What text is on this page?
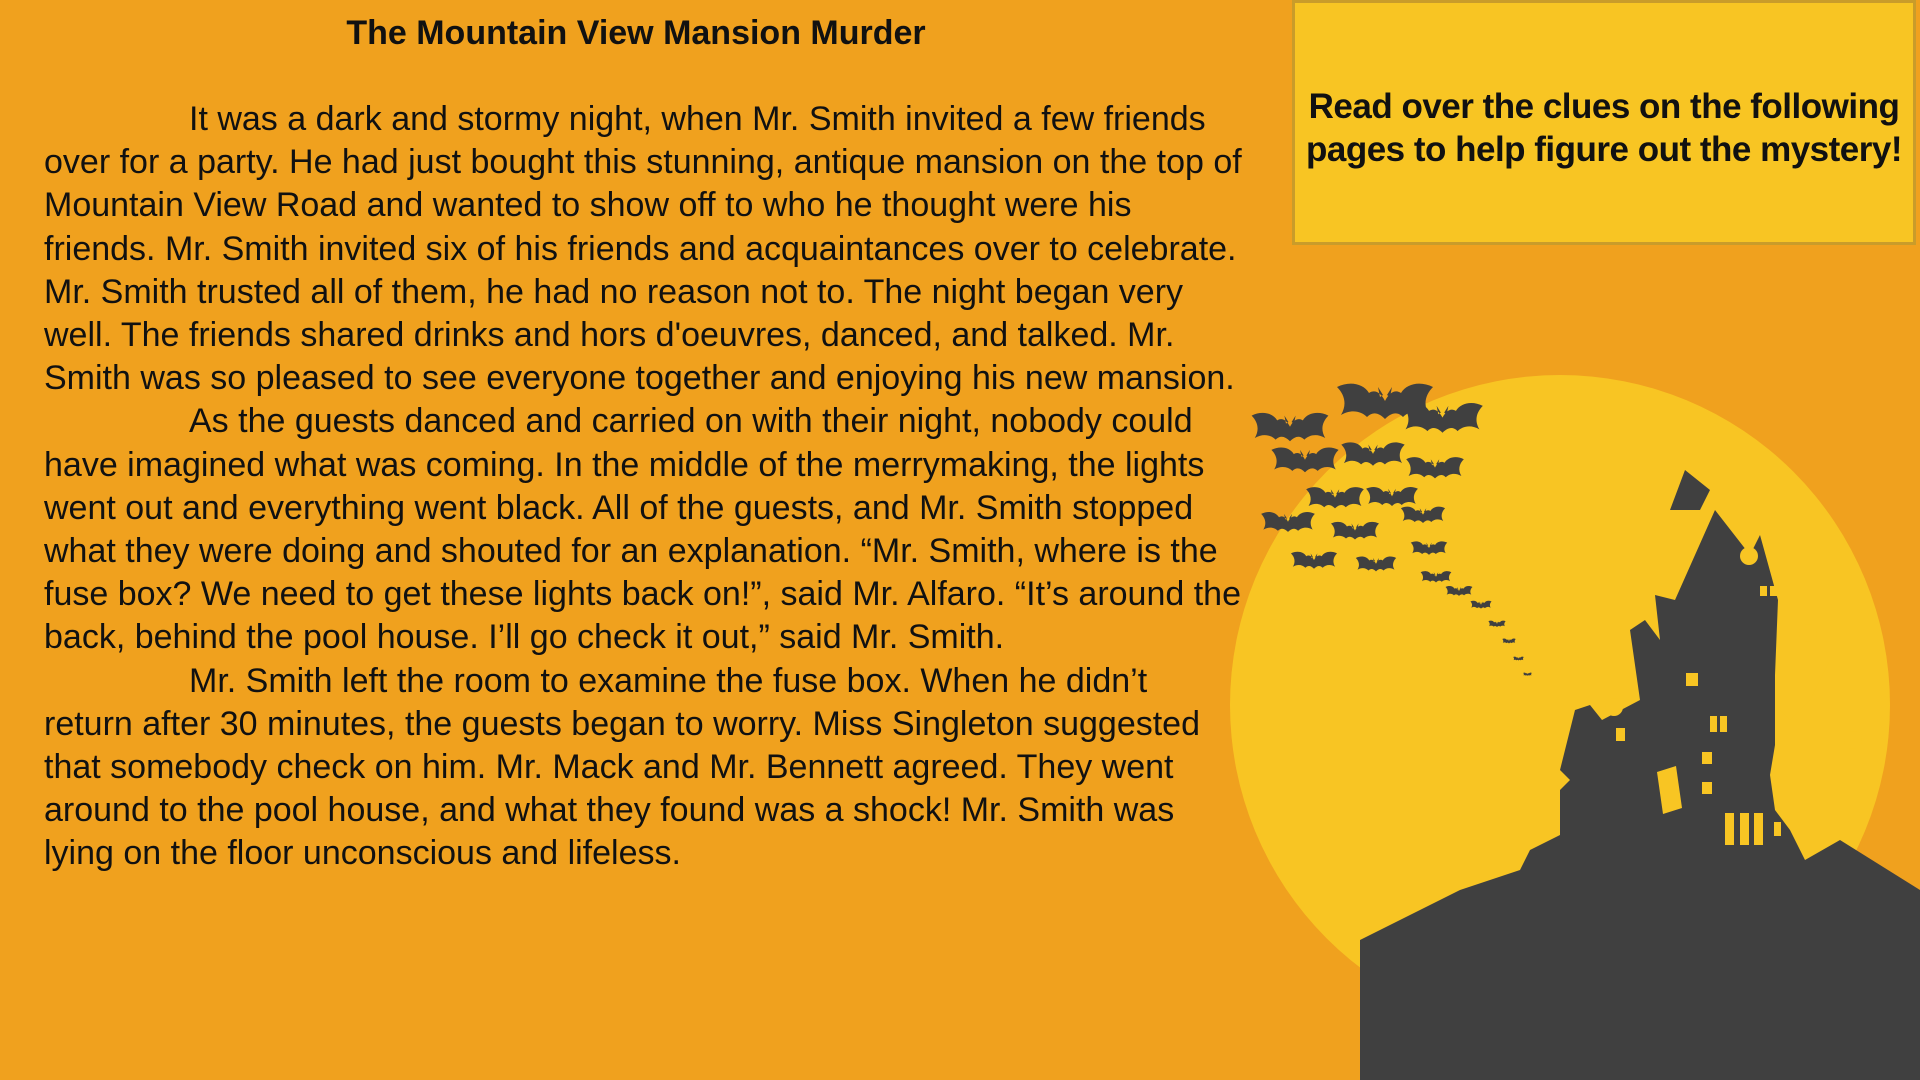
The Mountain View Mansion Murder

It was a dark and stormy night, when Mr. Smith invited a few friends over for a party. He had just bought this stunning, antique mansion on the top of Mountain View Road and wanted to show off to who he thought were his friends. Mr. Smith invited six of his friends and acquaintances over to celebrate. Mr. Smith trusted all of them, he had no reason not to. The night began very well. The friends shared drinks and hors d'oeuvres, danced, and talked. Mr. Smith was so pleased to see everyone together and enjoying his new mansion.

As the guests danced and carried on with their night, nobody could have imagined what was coming. In the middle of the merrymaking, the lights went out and everything went black. All of the guests, and Mr. Smith stopped what they were doing and shouted for an explanation. “Mr. Smith, where is the fuse box? We need to get these lights back on!”, said Mr. Alfaro. “It’s around the back, behind the pool house. I’ll go check it out,” said Mr. Smith.

Mr. Smith left the room to examine the fuse box. When he didn’t return after 30 minutes, the guests began to worry. Miss Singleton suggested that somebody check on him. Mr. Mack and Mr. Bennett agreed. They went around to the pool house, and what they found was a shock! Mr. Smith was lying on the floor unconscious and lifeless.

Read over the clues on the following pages to help figure out the mystery!
